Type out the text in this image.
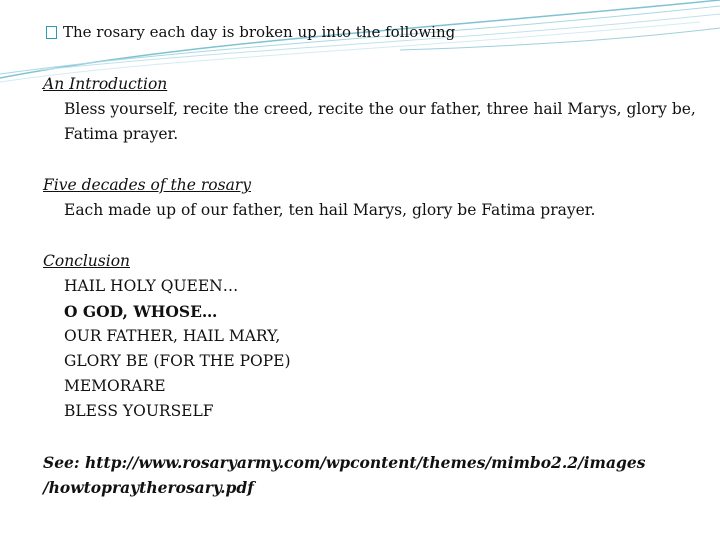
The rosary each day is broken up into the following
An Introduction
Bless yourself, recite the creed, recite the our father, three hail Marys, glory be,
Fatima prayer.
Five decades of the rosary
Each made up of our father, ten hail Marys, glory be Fatima prayer.
Conclusion
HAIL HOLY QUEEN…
O GOD, WHOSE…
OUR FATHER, HAIL MARY,
GLORY BE (FOR THE POPE)
MEMORARE
BLESS YOURSELF
See: http://www.rosaryarmy.com/wpcontent/themes/mimbo2.2/images
/howtopraytherosary.pdf
